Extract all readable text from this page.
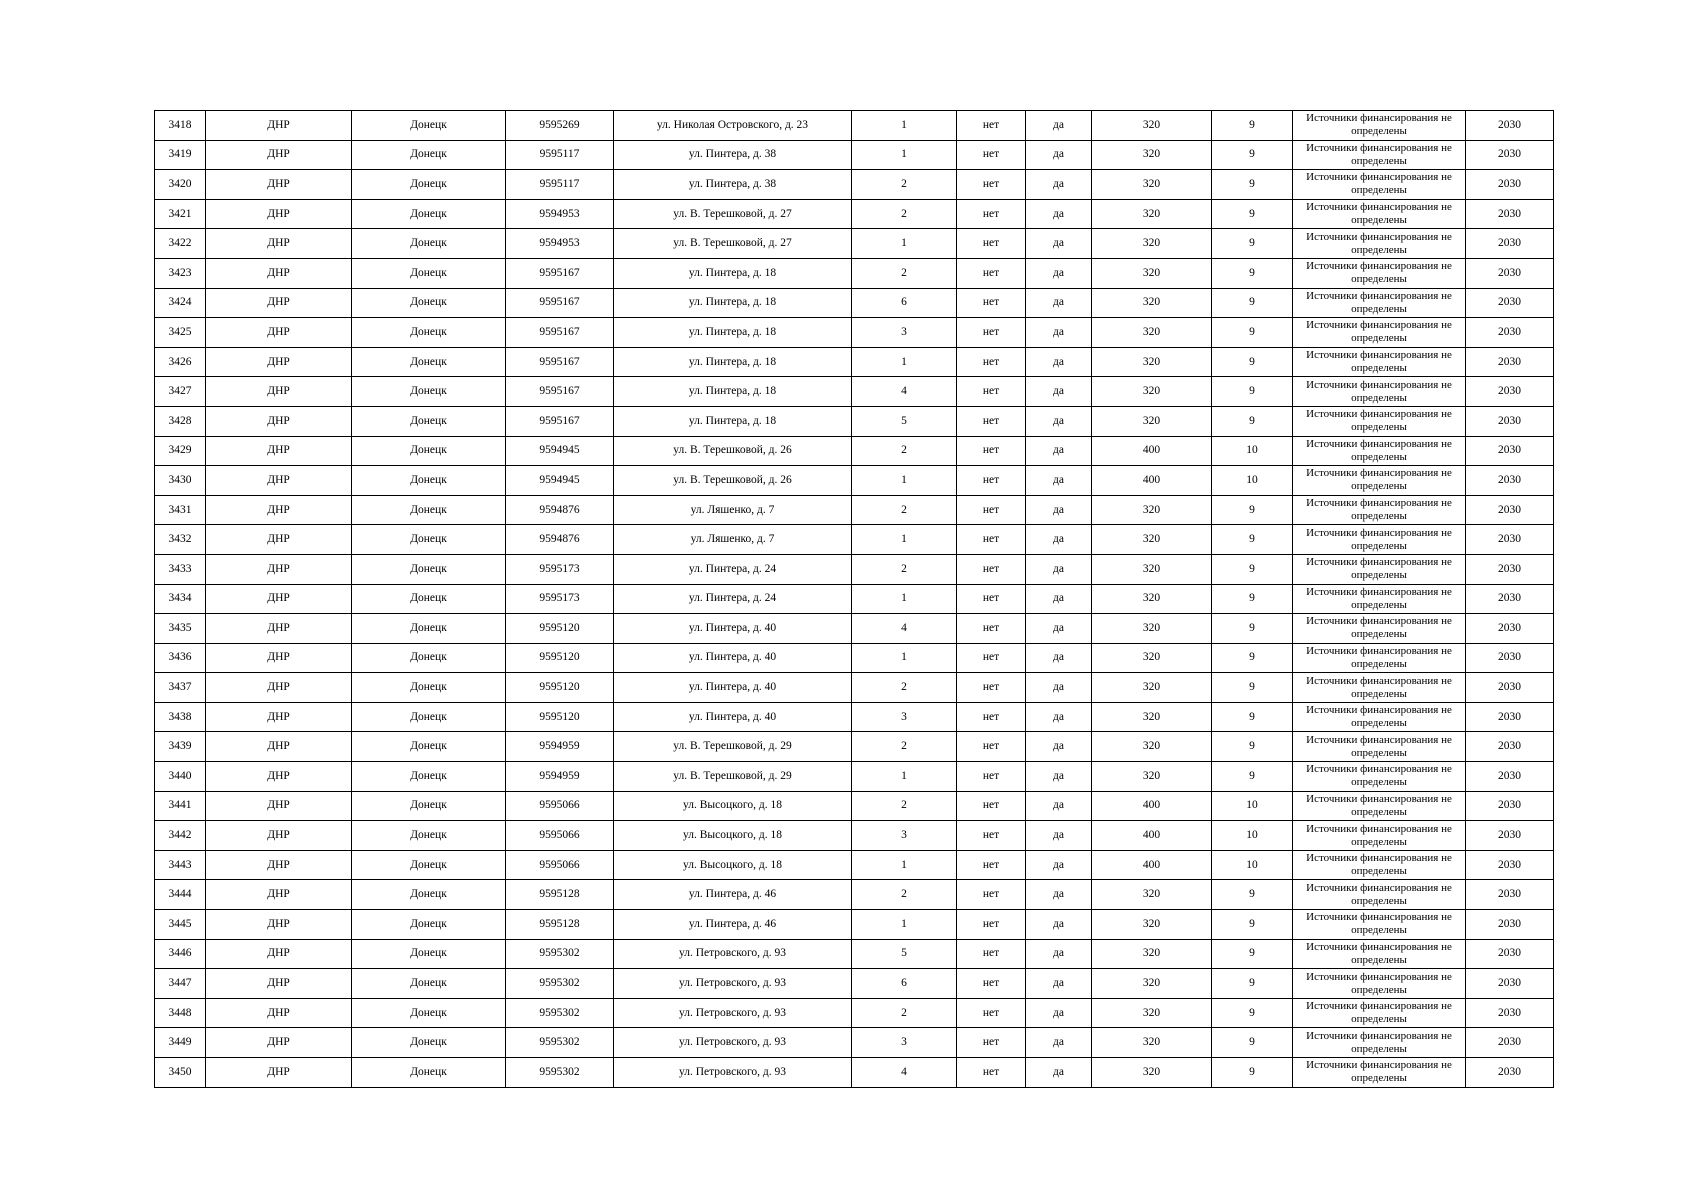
3418	ДНР	Донецк	9595269	ул. Николая Островского, д. 23	1	нет	да	320	9	Источники финансирования не определены	2030
3419	ДНР	Донецк	9595117	ул. Пинтера, д. 38	1	нет	да	320	9	Источники финансирования не определены	2030
3420	ДНР	Донецк	9595117	ул. Пинтера, д. 38	2	нет	да	320	9	Источники финансирования не определены	2030
3421	ДНР	Донецк	9594953	ул. В. Терешковой, д. 27	2	нет	да	320	9	Источники финансирования не определены	2030
3422	ДНР	Донецк	9594953	ул. В. Терешковой, д. 27	1	нет	да	320	9	Источники финансирования не определены	2030
3423	ДНР	Донецк	9595167	ул. Пинтера, д. 18	2	нет	да	320	9	Источники финансирования не определены	2030
3424	ДНР	Донецк	9595167	ул. Пинтера, д. 18	6	нет	да	320	9	Источники финансирования не определены	2030
3425	ДНР	Донецк	9595167	ул. Пинтера, д. 18	3	нет	да	320	9	Источники финансирования не определены	2030
3426	ДНР	Донецк	9595167	ул. Пинтера, д. 18	1	нет	да	320	9	Источники финансирования не определены	2030
3427	ДНР	Донецк	9595167	ул. Пинтера, д. 18	4	нет	да	320	9	Источники финансирования не определены	2030
3428	ДНР	Донецк	9595167	ул. Пинтера, д. 18	5	нет	да	320	9	Источники финансирования не определены	2030
3429	ДНР	Донецк	9594945	ул. В. Терешковой, д. 26	2	нет	да	400	10	Источники финансирования не определены	2030
3430	ДНР	Донецк	9594945	ул. В. Терешковой, д. 26	1	нет	да	400	10	Источники финансирования не определены	2030
3431	ДНР	Донецк	9594876	ул. Ляшенко, д. 7	2	нет	да	320	9	Источники финансирования не определены	2030
3432	ДНР	Донецк	9594876	ул. Ляшенко, д. 7	1	нет	да	320	9	Источники финансирования не определены	2030
3433	ДНР	Донецк	9595173	ул. Пинтера, д. 24	2	нет	да	320	9	Источники финансирования не определены	2030
3434	ДНР	Донецк	9595173	ул. Пинтера, д. 24	1	нет	да	320	9	Источники финансирования не определены	2030
3435	ДНР	Донецк	9595120	ул. Пинтера, д. 40	4	нет	да	320	9	Источники финансирования не определены	2030
3436	ДНР	Донецк	9595120	ул. Пинтера, д. 40	1	нет	да	320	9	Источники финансирования не определены	2030
3437	ДНР	Донецк	9595120	ул. Пинтера, д. 40	2	нет	да	320	9	Источники финансирования не определены	2030
3438	ДНР	Донецк	9595120	ул. Пинтера, д. 40	3	нет	да	320	9	Источники финансирования не определены	2030
3439	ДНР	Донецк	9594959	ул. В. Терешковой, д. 29	2	нет	да	320	9	Источники финансирования не определены	2030
3440	ДНР	Донецк	9594959	ул. В. Терешковой, д. 29	1	нет	да	320	9	Источники финансирования не определены	2030
3441	ДНР	Донецк	9595066	ул. Высоцкого, д. 18	2	нет	да	400	10	Источники финансирования не определены	2030
3442	ДНР	Донецк	9595066	ул. Высоцкого, д. 18	3	нет	да	400	10	Источники финансирования не определены	2030
3443	ДНР	Донецк	9595066	ул. Высоцкого, д. 18	1	нет	да	400	10	Источники финансирования не определены	2030
3444	ДНР	Донецк	9595128	ул. Пинтера, д. 46	2	нет	да	320	9	Источники финансирования не определены	2030
3445	ДНР	Донецк	9595128	ул. Пинтера, д. 46	1	нет	да	320	9	Источники финансирования не определены	2030
3446	ДНР	Донецк	9595302	ул. Петровского, д. 93	5	нет	да	320	9	Источники финансирования не определены	2030
3447	ДНР	Донецк	9595302	ул. Петровского, д. 93	6	нет	да	320	9	Источники финансирования не определены	2030
3448	ДНР	Донецк	9595302	ул. Петровского, д. 93	2	нет	да	320	9	Источники финансирования не определены	2030
3449	ДНР	Донецк	9595302	ул. Петровского, д. 93	3	нет	да	320	9	Источники финансирования не определены	2030
3450	ДНР	Донецк	9595302	ул. Петровского, д. 93	4	нет	да	320	9	Источники финансирования не определены	2030
